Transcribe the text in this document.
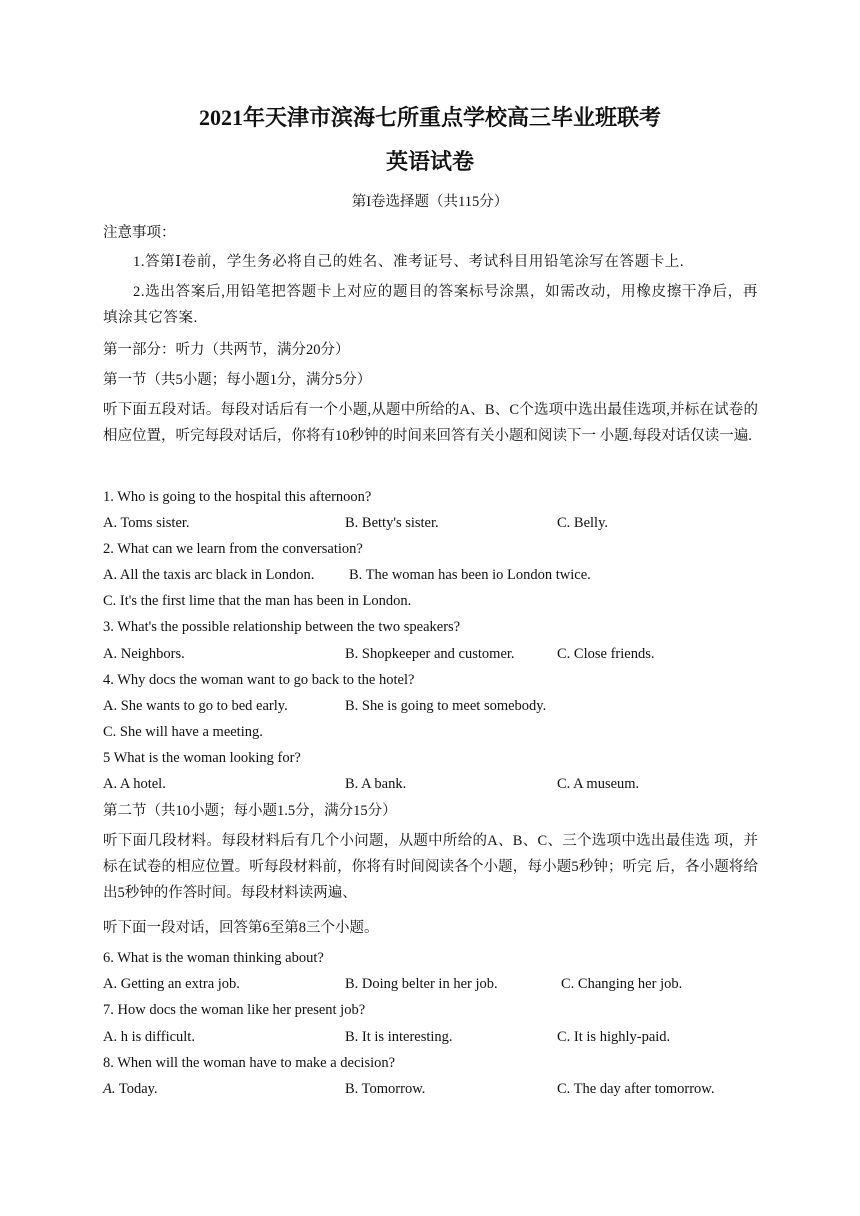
2021年天津市滨海七所重点学校高三毕业班联考
英语试卷
第I卷选择题（共115分）
注意事项：
1.答第Ⅰ卷前，学生务必将自己的姓名、准考证号、考试科目用铅笔涂写在答题卡上.
2.选出答案后,用铅笔把答题卡上对应的题目的答案标号涂黑，如需改动，用橡皮擦干净后，再填涂其它答案.
第一部分：听力（共两节，满分20分）
第一节（共5小题；每小题1分，满分5分）
听下面五段对话。每段对话后有一个小题,从题中所给的A、B、C个选项中选出最佳选项,并标在试卷的相应位置，听完每段对话后，你将有10秒钟的时间来回答有关小题和阅读下一 小题.每段对话仅读一遍.
1. Who is going to the hospital this afternoon?
A. Toms sister.	B. Betty's sister.	C. Belly.
2. What can we learn from the conversation?
A. All the taxis arc black in London. B. The woman has been io London twice.
C. It's the first lime that the man has been in London.
3. What's the possible relationship between the two speakers?
A. Neighbors.	B. Shopkeeper and customer.	C. Close friends.
4. Why docs the woman want to go back to the hotel?
A. She wants to go to bed early.	B. She is going to meet somebody.
C. She will have a meeting.
5 What is the woman looking for?
A. A hotel.	B. A bank.	C. A museum.
第二节（共10小题；每小题1.5分，满分15分）
听下面几段材料。每段材料后有几个小问题，从题中所给的A、B、C、三个选项中选出最佳选 项，并标在试卷的相应位置。听每段材料前，你将有时间阅读各个小题，每小题5秒钟；听完 后，各小题将给出5秒钟的作答时间。每段材料读两遍、
听下面一段对话，回答第6至第8三个小题。
6. What is the woman thinking about?
A. Getting an extra job.	B. Doing belter in her job.	C. Changing her job.
7. How docs the woman like her present job?
A. h is difficult.	B. It is interesting.	C. It is highly-paid.
8. When will the woman have to make a decision?
A. Today.	B. Tomorrow.	C. The day after tomorrow.
